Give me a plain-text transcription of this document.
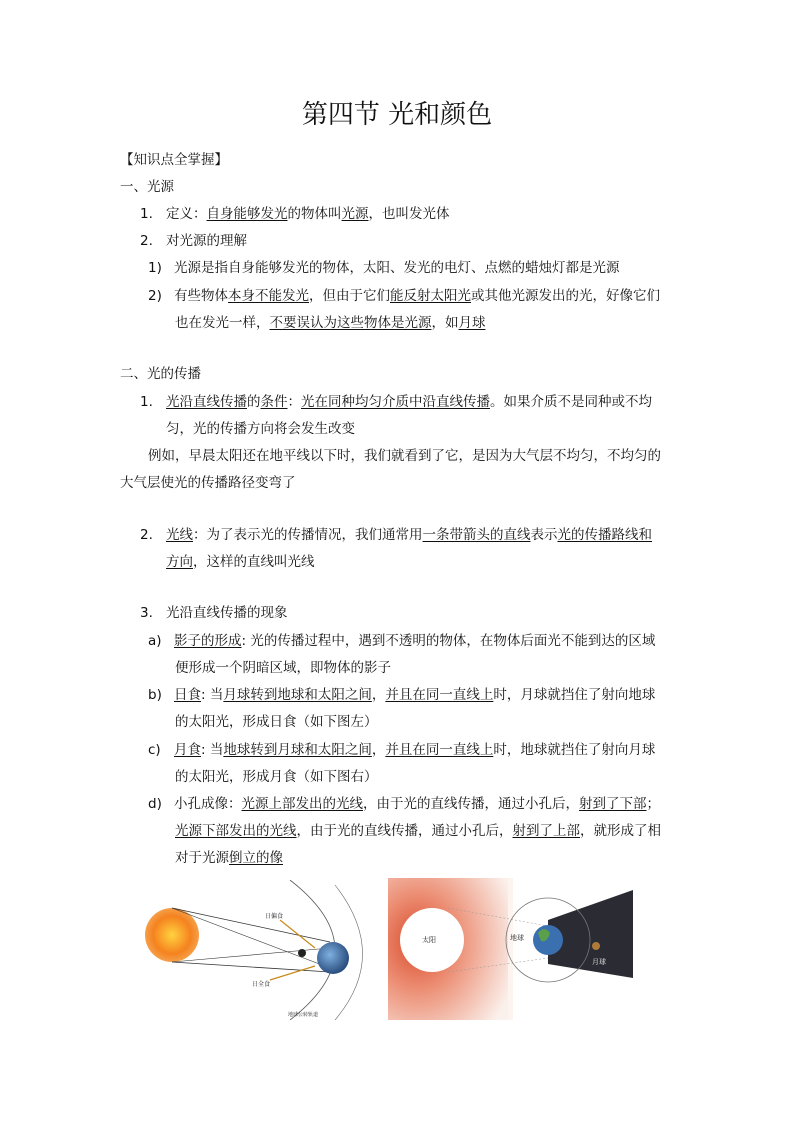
第四节 光和颜色
【知识点全掌握】
一、光源
1. 定义：自身能够发光的物体叫光源，也叫发光体
2. 对光源的理解
1) 光源是指自身能够发光的物体，太阳、发光的电灯、点燃的蜡烛灯都是光源
2) 有些物体本身不能发光，但由于它们能反射太阳光或其他光源发出的光，好像它们
也在发光一样，不要误认为这些物体是光源，如月球
二、光的传播
1. 光沿直线传播的条件：光在同种均匀介质中沿直线传播。如果介质不是同种或不均
匀，光的传播方向将会发生改变
例如，早晨太阳还在地平线以下时，我们就看到了它，是因为大气层不均匀，不均匀的
大气层使光的传播路径变弯了
2. 光线：为了表示光的传播情况，我们通常用一条带箭头的直线表示光的传播路线和
方向，这样的直线叫光线
3. 光沿直线传播的现象
a) 影子的形成: 光的传播过程中，遇到不透明的物体，在物体后面光不能到达的区域
便形成一个阴暗区域，即物体的影子
b) 日食: 当月球转到地球和太阳之间，并且在同一直线上时，月球就挡住了射向地球
的太阳光，形成日食（如下图左）
c) 月食: 当地球转到月球和太阳之间，并且在同一直线上时，地球就挡住了射向月球
的太阳光，形成月食（如下图右）
d) 小孔成像：光源上部发出的光线，由于光的直线传播，通过小孔后，射到了下部；
光源下部发出的光线，由于光的直线传播，通过小孔后，射到了上部，就形成了相
对于光源倒立的像
日偏食
日全食
地球公转轨道
太阳	地球
月球
